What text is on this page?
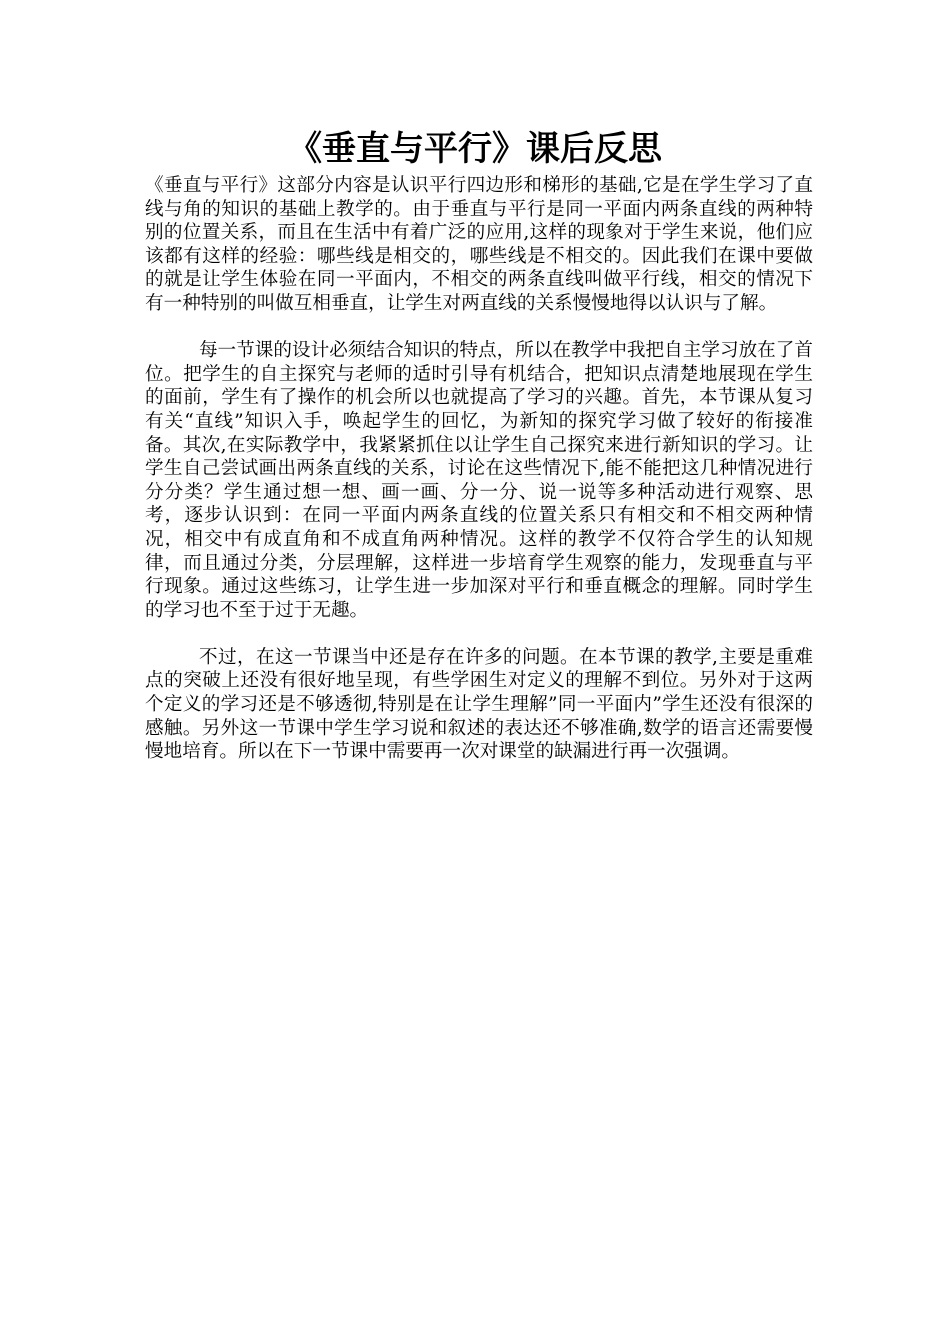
《垂直与平行》课后反思

《垂直与平行》这部分内容是认识平行四边形和梯形的基础,它是在学生学习了直线与角的知识的基础上教学的。由于垂直与平行是同一平面内两条直线的两种特别的位置关系，而且在生活中有着广泛的应用,这样的现象对于学生来说，他们应该都有这样的经验：哪些线是相交的，哪些线是不相交的。因此我们在课中要做的就是让学生体验在同一平面内，不相交的两条直线叫做平行线，相交的情况下有一种特别的叫做互相垂直，让学生对两直线的关系慢慢地得以认识与了解。

每一节课的设计必须结合知识的特点，所以在教学中我把自主学习放在了首位。把学生的自主探究与老师的适时引导有机结合，把知识点清楚地展现在学生的面前，学生有了操作的机会所以也就提高了学习的兴趣。首先，本节课从复习有关“直线”知识入手，唤起学生的回忆，为新知的探究学习做了较好的衔接准备。其次,在实际教学中，我紧紧抓住以让学生自己探究来进行新知识的学习。让学生自己尝试画出两条直线的关系，讨论在这些情况下,能不能把这几种情况进行分分类？学生通过想一想、画一画、分一分、说一说等多种活动进行观察、思考，逐步认识到：在同一平面内两条直线的位置关系只有相交和不相交两种情况，相交中有成直角和不成直角两种情况。这样的教学不仅符合学生的认知规律，而且通过分类，分层理解，这样进一步培育学生观察的能力，发现垂直与平行现象。通过这些练习，让学生进一步加深对平行和垂直概念的理解。同时学生的学习也不至于过于无趣。

不过，在这一节课当中还是存在许多的问题。在本节课的教学,主要是重难点的突破上还没有很好地呈现，有些学困生对定义的理解不到位。另外对于这两个定义的学习还是不够透彻,特别是在让学生理解”同一平面内”学生还没有很深的感触。另外这一节课中学生学习说和叙述的表达还不够准确,数学的语言还需要慢慢地培育。所以在下一节课中需要再一次对课堂的缺漏进行再一次强调。
